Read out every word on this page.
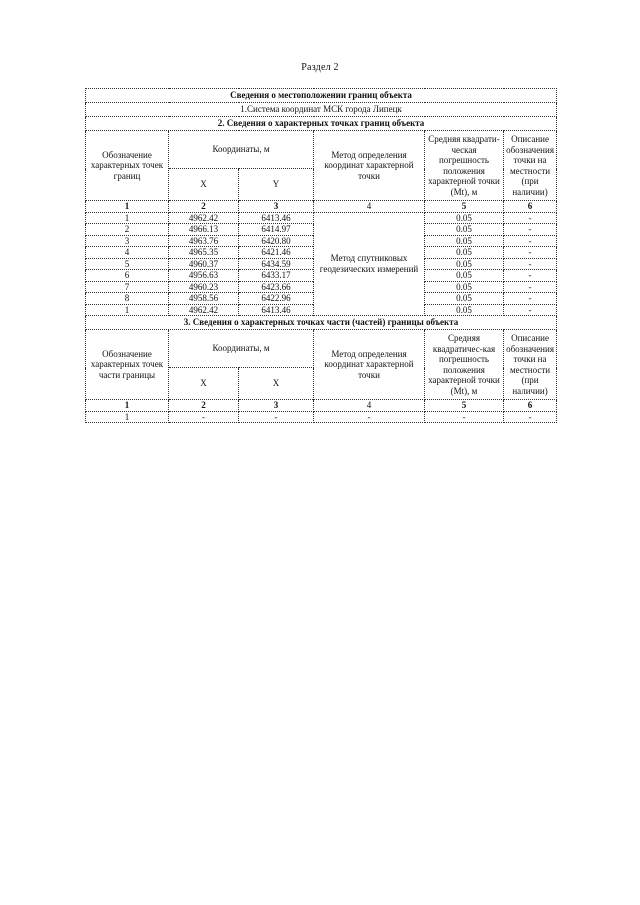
Раздел 2
Сведения о местоположении границ объекта					
1.Система координат МСК города Липецк					
2. Сведения о характерных точках границ объекта					
Обозначение характерных точек границ	Координаты, м		Метод определения координат характерной точки	Средняя квадрати-ческая погрешность положения характерной точки (Mt), м	Описание обозначения точки на местности (при наличии)
	X	Y			
1	2	3	4	5	6
1	4962.42	6413.46	Метод спутниковых геодезических измерений	0.05	-
2	4966.13	6414.97		0.05	-
3	4963.76	6420.80		0.05	-
4	4965.35	6421.46		0.05	-
5	4960.37	6434.59		0.05	-
6	4956.63	6433.17		0.05	-
7	4960.23	6423.66		0.05	-
8	4958.56	6422.96		0.05	-
1	4962.42	6413.46		0.05	-
3. Сведения о характерных точках части (частей) границы объекта					
Обозначение характерных точек части границы	Координаты, м		Метод определения координат характерной точки	Средняя квадратичес-кая погрешность положения характерной точки (Mt), м	Описание обозначения точки на местности (при наличии)
	X	X			
1	2	3	4	5	6
1	-	-	-	-	-
